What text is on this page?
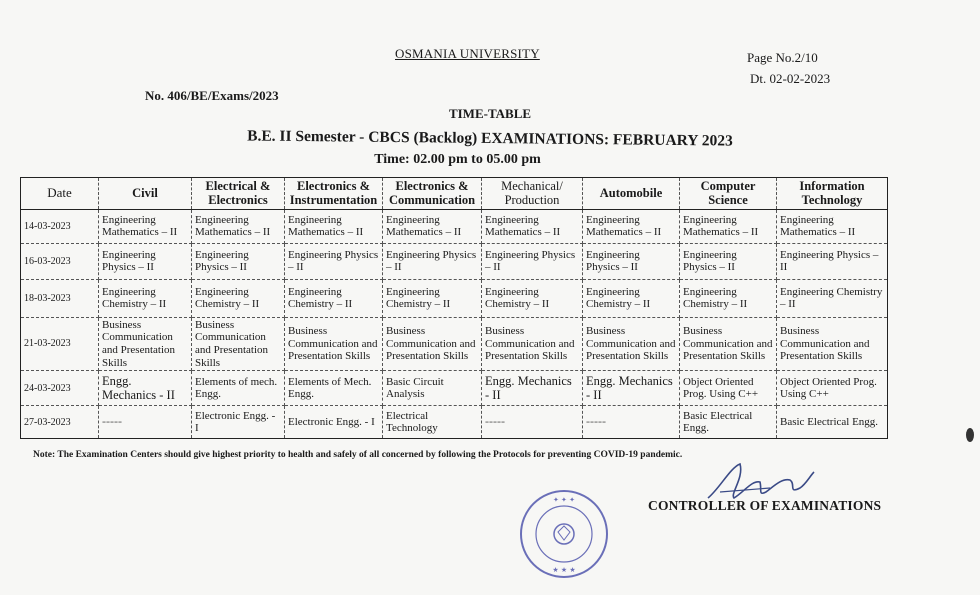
OSMANIA UNIVERSITY	Page No.2/10
Dt. 02-02-2023
No. 406/BE/Exams/2023
TIME-TABLE
B.E. II Semester - CBCS (Backlog) EXAMINATIONS: FEBRUARY 2023
Time: 02.00 pm to 05.00 pm
Date	Civil	Electrical & Electronics	Electronics & Instrumentation	Electronics & Communication	Mechanical/ Production	Automobile	Computer Science	Information Technology
14-03-2023	Engineering Mathematics – II	Engineering Mathematics – II	Engineering Mathematics – II	Engineering Mathematics – II	Engineering Mathematics – II	Engineering Mathematics – II	Engineering Mathematics – II	Engineering Mathematics – II
16-03-2023	Engineering Physics – II	Engineering Physics – II	Engineering Physics – II	Engineering Physics – II	Engineering Physics – II	Engineering Physics – II	Engineering Physics – II	Engineering Physics – II
18-03-2023	Engineering Chemistry – II	Engineering Chemistry – II	Engineering Chemistry – II	Engineering Chemistry – II	Engineering Chemistry – II	Engineering Chemistry – II	Engineering Chemistry – II	Engineering Chemistry – II
21-03-2023	Business Communication and Presentation Skills	Business Communication and Presentation Skills	Business Communication and Presentation Skills	Business Communication and Presentation Skills	Business Communication and Presentation Skills	Business Communication and Presentation Skills	Business Communication and Presentation Skills	Business Communication and Presentation Skills
24-03-2023	Engg. Mechanics - II	Elements of mech. Engg.	Elements of Mech. Engg.	Basic Circuit Analysis	Engg. Mechanics - II	Engg. Mechanics - II	Object Oriented Prog. Using C++	Object Oriented Prog. Using C++
27-03-2023	-----	Electronic Engg. - I	Electronic Engg. - I	Electrical Technology	-----	-----	Basic Electrical Engg.	Basic Electrical Engg.
Note: The Examination Centers should give highest priority to health and safely of all concerned by following the Protocols for preventing COVID-19 pandemic.
✦ ✦ ✦
★ ★ ★
CONTROLLER OF EXAMINATIONS
